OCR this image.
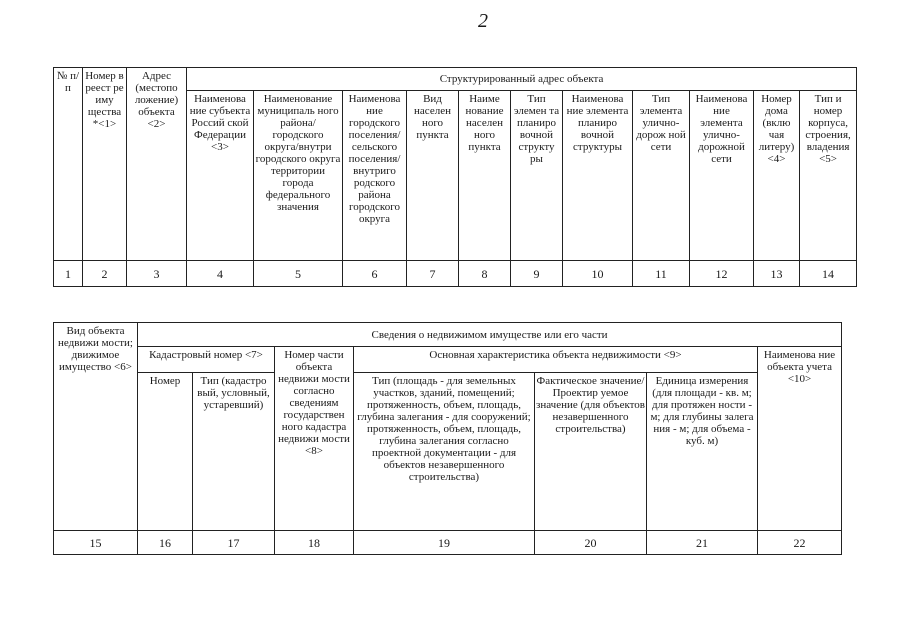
2
№ п/п	Номер в реест ре иму щества *<1>	Адрес (местопо ложение) объекта <2>	Структурированный адрес объекта										
			Наименова ние субъекта Россий ской Федерации <3>	Наименование муниципаль ного района/ городского округа/внутри городского округа территории города федерального значения	Наименова ние городского поселения/ сельского поселения/ внутриго родского района городского округа	Вид населен ного пункта	Наиме нование населен ного пункта	Тип элемен та планиро вочной структу ры	Наименова ние элемента планиро вочной структуры	Тип элемента улично- дорож ной сети	Наименова ние элемента улично- дорожной сети	Номер дома (вклю чая литеру) <4>	Тип и номер корпуса, строения, владения <5>
1	2	3	4	5	6	7	8	9	10	11	12	13	14
Вид объекта недвижи мости; движимое имущество <6>	Сведения о недвижимом имуществе или его части						
	Кадастровый номер <7>		Номер части объекта недвижи мости согласно сведениям государствен ного кадастра недвижи мости <8>	Основная характеристика объекта недвижимости <9>			Наименова ние объекта учета <10>
	Номер	Тип (кадастро вый, условный, устаревший)		Тип (площадь - для земельных участков, зданий, помещений; протяженность, объем, площадь, глубина залегания - для сооружений; протяженность, объем, площадь, глубина залегания согласно проектной документации - для объектов незавершенного строительства)	Фактическое значение/Проектир уемое значение (для объектов незавершенного строительства)	Единица измерения (для площади - кв. м; для протяжен ности - м; для глубины залега ния - м; для объема - куб. м)	
15	16	17	18	19	20	21	22
